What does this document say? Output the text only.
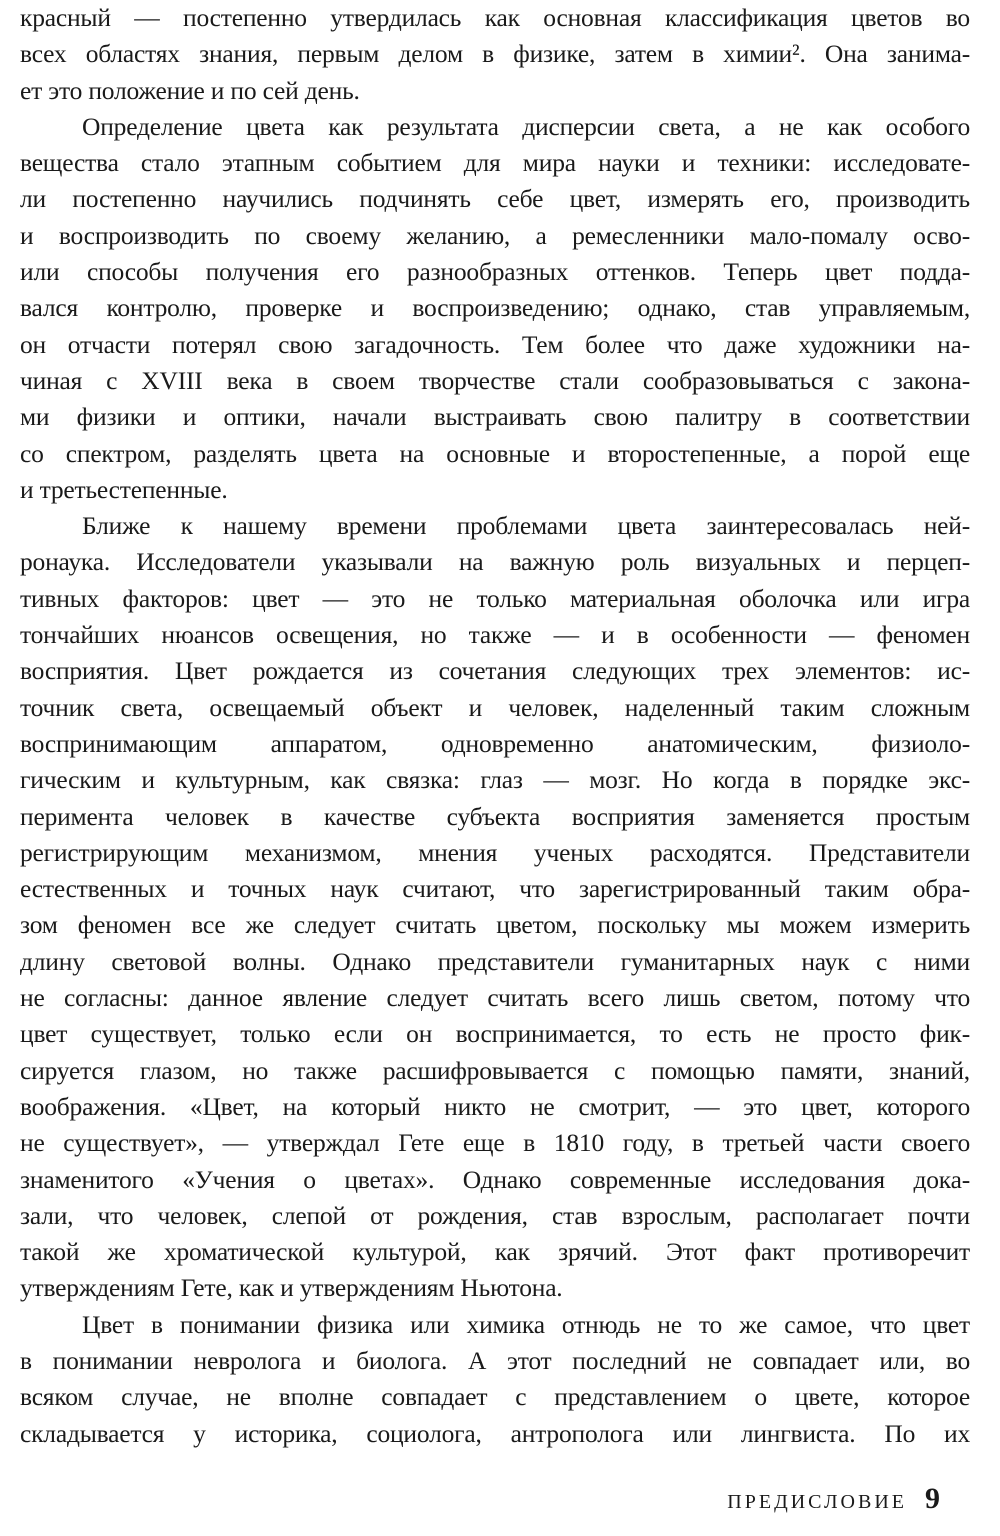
красный — постепенно утвердилась как основная классификация цветов во
всех областях знания, первым делом в физике, затем в химии². Она занима-
ет это положение и по сей день.
Определение цвета как результата дисперсии света, а не как особого
вещества стало этапным событием для мира науки и техники: исследовате-
ли постепенно научились подчинять себе цвет, измерять его, производить
и воспроизводить по своему желанию, а ремесленники мало-помалу осво-
или способы получения его разнообразных оттенков. Теперь цвет подда-
вался контролю, проверке и воспроизведению; однако, став управляемым,
он отчасти потерял свою загадочность. Тем более что даже художники на-
чиная с XVIII века в своем творчестве стали сообразовываться с закона-
ми физики и оптики, начали выстраивать свою палитру в соответствии
со спектром, разделять цвета на основные и второстепенные, а порой еще
и третьестепенные.
Ближе к нашему времени проблемами цвета заинтересовалась ней-
ронаука. Исследователи указывали на важную роль визуальных и перцеп-
тивных факторов: цвет — это не только материальная оболочка или игра
тончайших нюансов освещения, но также — и в особенности — феномен
восприятия. Цвет рождается из сочетания следующих трех элементов: ис-
точник света, освещаемый объект и человек, наделенный таким сложным
воспринимающим аппаратом, одновременно анатомическим, физиоло-
гическим и культурным, как связка: глаз — мозг. Но когда в порядке экс-
перимента человек в качестве субъекта восприятия заменяется простым
регистрирующим механизмом, мнения ученых расходятся. Представители
естественных и точных наук считают, что зарегистрированный таким обра-
зом феномен все же следует считать цветом, поскольку мы можем измерить
длину световой волны. Однако представители гуманитарных наук с ними
не согласны: данное явление следует считать всего лишь светом, потому что
цвет существует, только если он воспринимается, то есть не просто фик-
сируется глазом, но также расшифровывается с помощью памяти, знаний,
воображения. «Цвет, на который никто не смотрит, — это цвет, которого
не существует», — утверждал Гете еще в 1810 году, в третьей части своего
знаменитого «Учения о цветах». Однако современные исследования дока-
зали, что человек, слепой от рождения, став взрослым, располагает почти
такой же хроматической культурой, как зрячий. Этот факт противоречит
утверждениям Гете, как и утверждениям Ньютона.
Цвет в понимании физика или химика отнюдь не то же самое, что цвет
в понимании невролога и биолога. А этот последний не совпадает или, во
всяком случае, не вполне совпадает с представлением о цвете, которое
складывается у историка, социолога, антрополога или лингвиста. По их
ПРЕДИСЛОВИЕ 9
